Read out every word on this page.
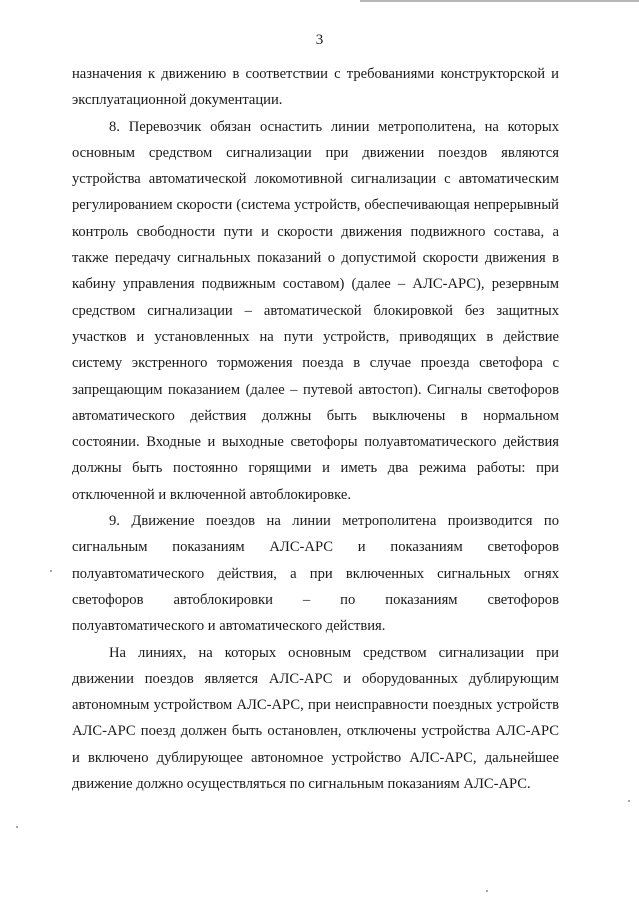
3

назначения к движению в соответствии с требованиями конструкторской и эксплуатационной документации.

8. Перевозчик обязан оснастить линии метрополитена, на которых основным средством сигнализации при движении поездов являются устройства автоматической локомотивной сигнализации с автоматическим регулированием скорости (система устройств, обеспечивающая непрерывный контроль свободности пути и скорости движения подвижного состава, а также передачу сигнальных показаний о допустимой скорости движения в кабину управления подвижным составом) (далее – АЛС-АРС), резервным средством сигнализации – автоматической блокировкой без защитных участков и установленных на пути устройств, приводящих в действие систему экстренного торможения поезда в случае проезда светофора с запрещающим показанием (далее – путевой автостоп). Сигналы светофоров автоматического действия должны быть выключены в нормальном состоянии. Входные и выходные светофоры полуавтоматического действия должны быть постоянно горящими и иметь два режима работы: при отключенной и включенной автоблокировке.

9. Движение поездов на линии метрополитена производится по сигнальным показаниям АЛС-АРС и показаниям светофоров полуавтоматического действия, а при включенных сигнальных огнях светофоров автоблокировки – по показаниям светофоров полуавтоматического и автоматического действия.

На линиях, на которых основным средством сигнализации при движении поездов является АЛС-АРС и оборудованных дублирующим автономным устройством АЛС-АРС, при неисправности поездных устройств АЛС-АРС поезд должен быть остановлен, отключены устройства АЛС-АРС и включено дублирующее автономное устройство АЛС-АРС, дальнейшее движение должно осуществляться по сигнальным показаниям АЛС-АРС.
